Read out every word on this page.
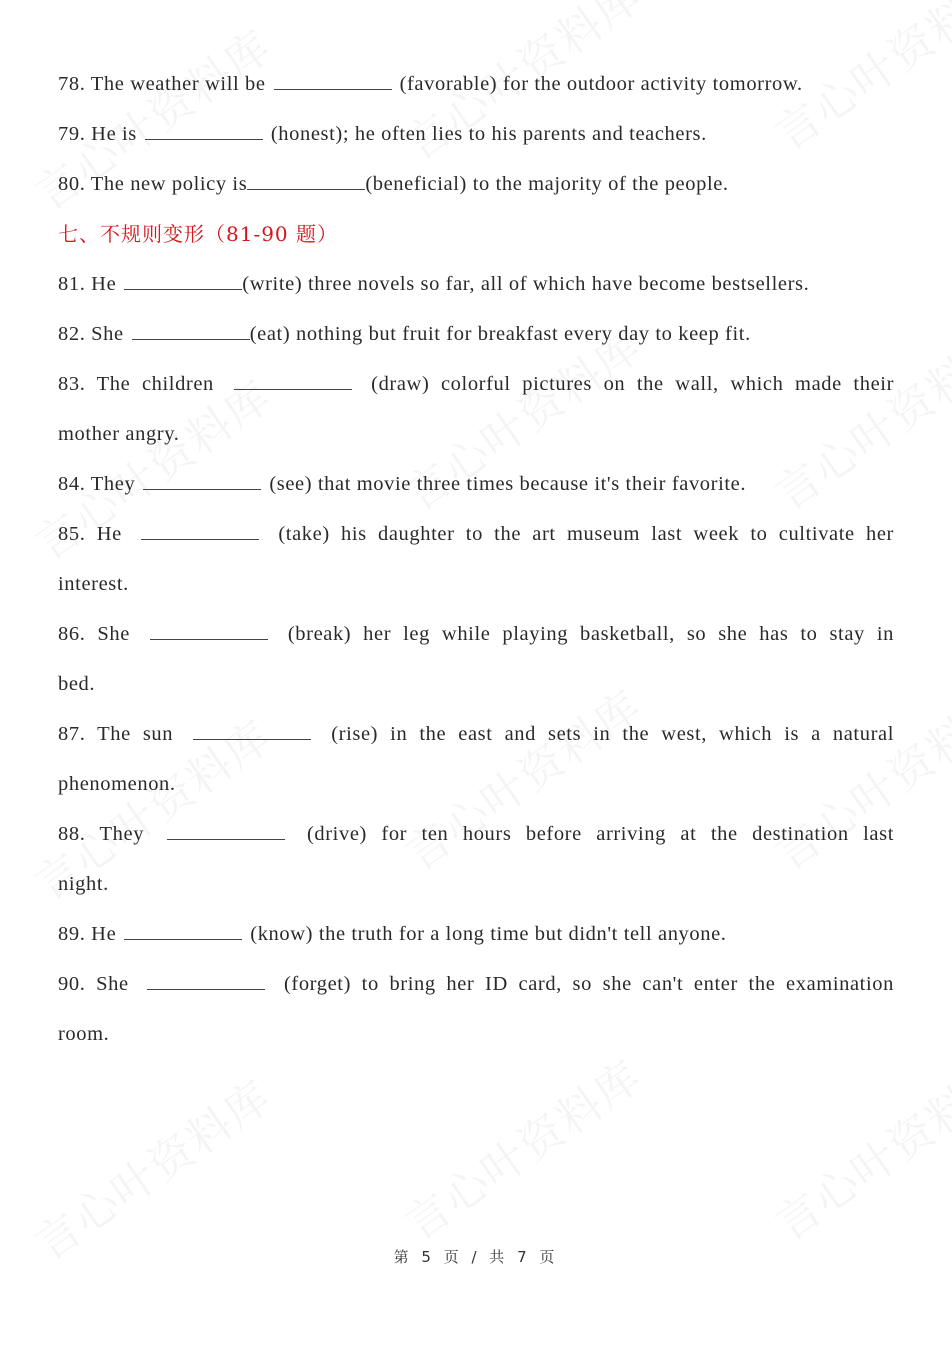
78. The weather will be	(favorable) for the outdoor activity tomorrow.
79. He is	(honest); he often lies to his parents and teachers.
80. The new policy is	(beneficial) to the majority of the people.
七、不规则变形（81-90 题）
81. He	(write) three novels so far, all of which have become bestsellers.
82. She	(eat) nothing but fruit for breakfast every day to keep fit.
83. The children	(draw) colorful pictures on the wall, which made their
mother angry.
84. They	(see) that movie three times because it's their favorite.
85. He	(take) his daughter to the art museum last week to cultivate her
interest.
86. She	(break) her leg while playing basketball, so she has to stay in
bed.
87. The sun	(rise) in the east and sets in the west, which is a natural
phenomenon.
88. They	(drive) for ten hours before arriving at the destination last
night.
89. He	(know) the truth for a long time but didn't tell anyone.
90. She	(forget) to bring her ID card, so she can't enter the examination
room.
第 5 页 / 共 7 页
